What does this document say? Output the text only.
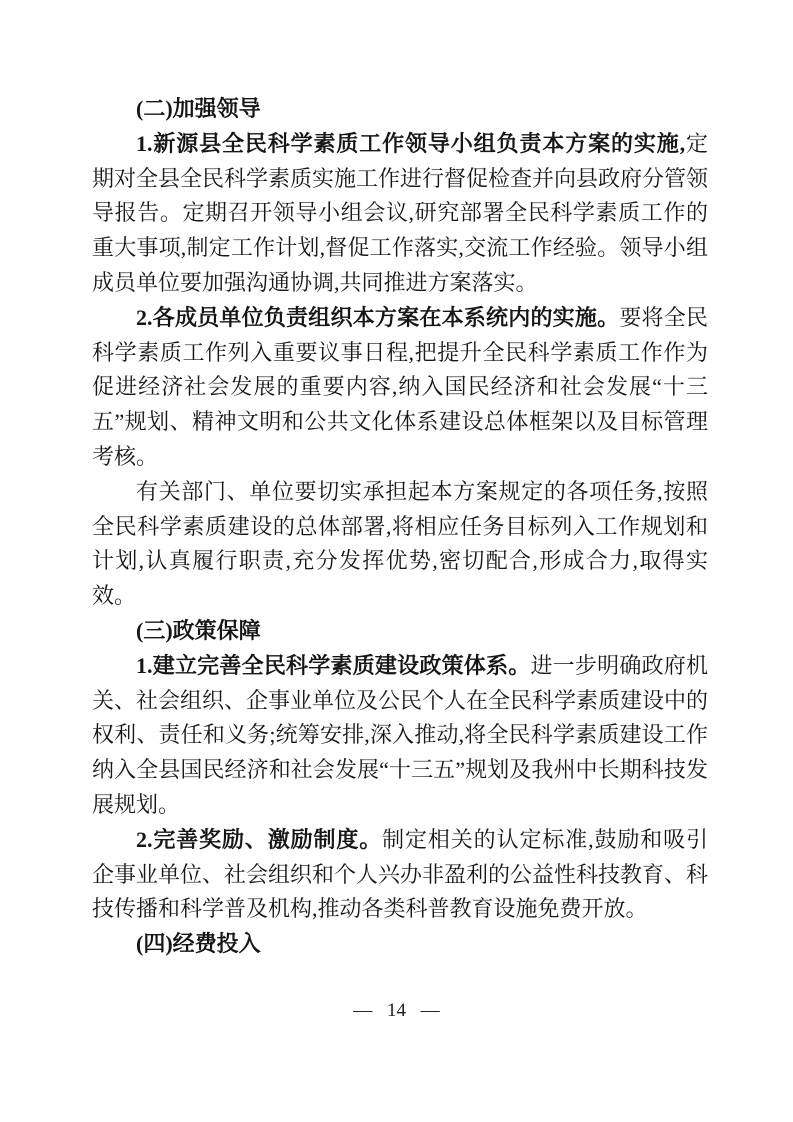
(二)加强领导

1.新源县全民科学素质工作领导小组负责本方案的实施,定期对全县全民科学素质实施工作进行督促检查并向县政府分管领导报告。定期召开领导小组会议,研究部署全民科学素质工作的重大事项,制定工作计划,督促工作落实,交流工作经验。领导小组成员单位要加强沟通协调,共同推进方案落实。

2.各成员单位负责组织本方案在本系统内的实施。要将全民科学素质工作列入重要议事日程,把提升全民科学素质工作作为促进经济社会发展的重要内容,纳入国民经济和社会发展“十三五”规划、精神文明和公共文化体系建设总体框架以及目标管理考核。

有关部门、单位要切实承担起本方案规定的各项任务,按照全民科学素质建设的总体部署,将相应任务目标列入工作规划和计划,认真履行职责,充分发挥优势,密切配合,形成合力,取得实效。

(三)政策保障

1.建立完善全民科学素质建设政策体系。进一步明确政府机关、社会组织、企事业单位及公民个人在全民科学素质建设中的权利、责任和义务;统筹安排,深入推动,将全民科学素质建设工作纳入全县国民经济和社会发展“十三五”规划及我州中长期科技发展规划。

2.完善奖励、激励制度。制定相关的认定标准,鼓励和吸引企事业单位、社会组织和个人兴办非盈利的公益性科技教育、科技传播和科学普及机构,推动各类科普教育设施免费开放。

(四)经费投入

— 14 —
